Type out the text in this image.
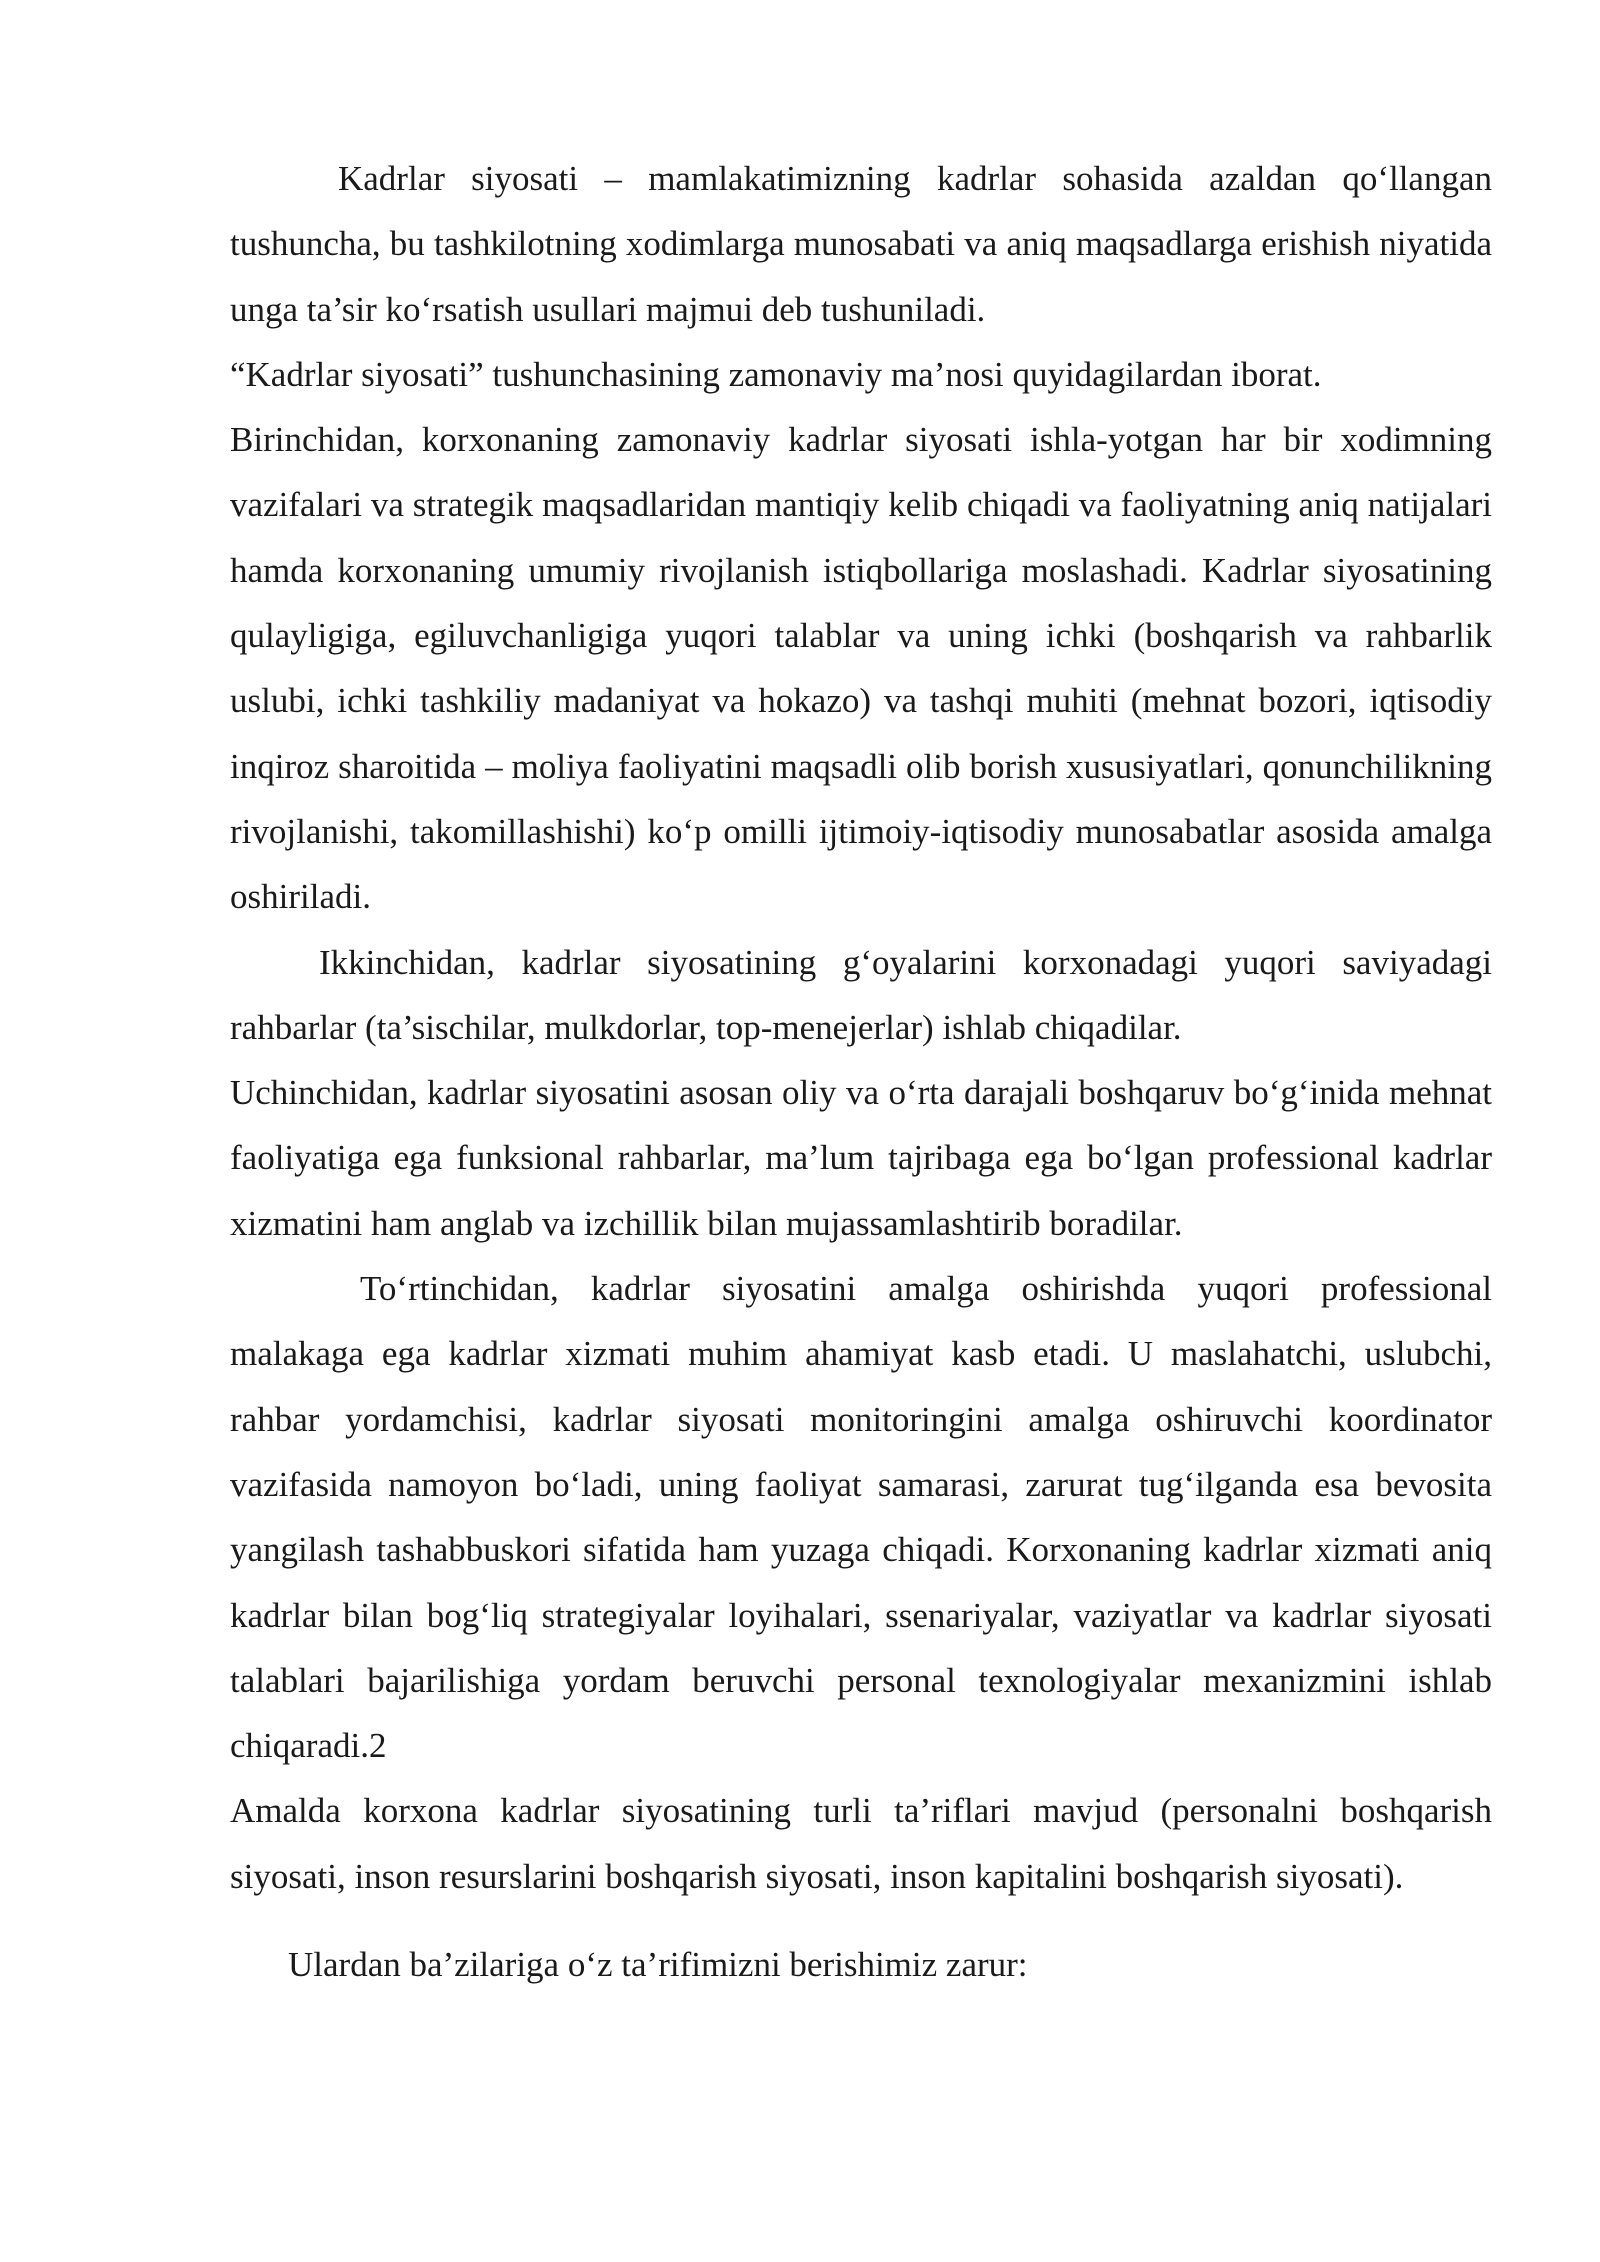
Kadrlar siyosati – mamlakatimizning kadrlar sohasida azaldan qo‘llangan tushuncha, bu tashkilotning xodimlarga munosabati va aniq maqsadlarga erishish niyatida unga ta’sir ko‘rsatish usullari majmui deb tushuniladi.

“Kadrlar siyosati” tushunchasining zamonaviy ma’nosi quyidagilardan iborat.

Birinchidan, korxonaning zamonaviy kadrlar siyosati ishla-yotgan har bir xodimning vazifalari va strategik maqsadlaridan mantiqiy kelib chiqadi va faoliyatning aniq natijalari hamda korxonaning umumiy rivojlanish istiqbollariga moslashadi. Kadrlar siyosatining qulayligiga, egiluvchanligiga yuqori talablar va uning ichki (boshqarish va rahbarlik uslubi, ichki tashkiliy madaniyat va hokazo) va tashqi muhiti (mehnat bozori, iqtisodiy inqiroz sharoitida – moliya faoliyatini maqsadli olib borish xususiyatlari, qonunchilikning rivojlanishi, takomillashishi) ko‘p omilli ijtimoiy-iqtisodiy munosabatlar asosida amalga oshiriladi.

Ikkinchidan, kadrlar siyosatining g‘oyalarini korxonadagi yuqori saviyadagi rahbarlar (ta’sischilar, mulkdorlar, top-menejerlar) ishlab chiqadilar.

Uchinchidan, kadrlar siyosatini asosan oliy va o‘rta darajali boshqaruv bo‘g‘inida mehnat faoliyatiga ega funksional rahbarlar, ma’lum tajribaga ega bo‘lgan professional kadrlar xizmatini ham anglab va izchillik bilan mujassamlashtirib boradilar.

To‘rtinchidan, kadrlar siyosatini amalga oshirishda yuqori professional malakaga ega kadrlar xizmati muhim ahamiyat kasb etadi. U maslahatchi, uslubchi, rahbar yordamchisi, kadrlar siyosati monitoringini amalga oshiruvchi koordinator vazifasida namoyon bo‘ladi, uning faoliyat samarasi, zarurat tug‘ilganda esa bevosita yangilash tashabbuskori sifatida ham yuzaga chiqadi. Korxonaning kadrlar xizmati aniq kadrlar bilan bog‘liq strategiyalar loyihalari, ssenariyalar, vaziyatlar va kadrlar siyosati talablari bajarilishiga yordam beruvchi personal texnologiyalar mexanizmini ishlab chiqaradi.2

Amalda korxona kadrlar siyosatining turli ta’riflari mavjud (personalni boshqarish siyosati, inson resurslarini boshqarish siyosati, inson kapitalini boshqarish siyosati).

Ulardan ba’zilariga o‘z ta’rifimizni berishimiz zarur:
